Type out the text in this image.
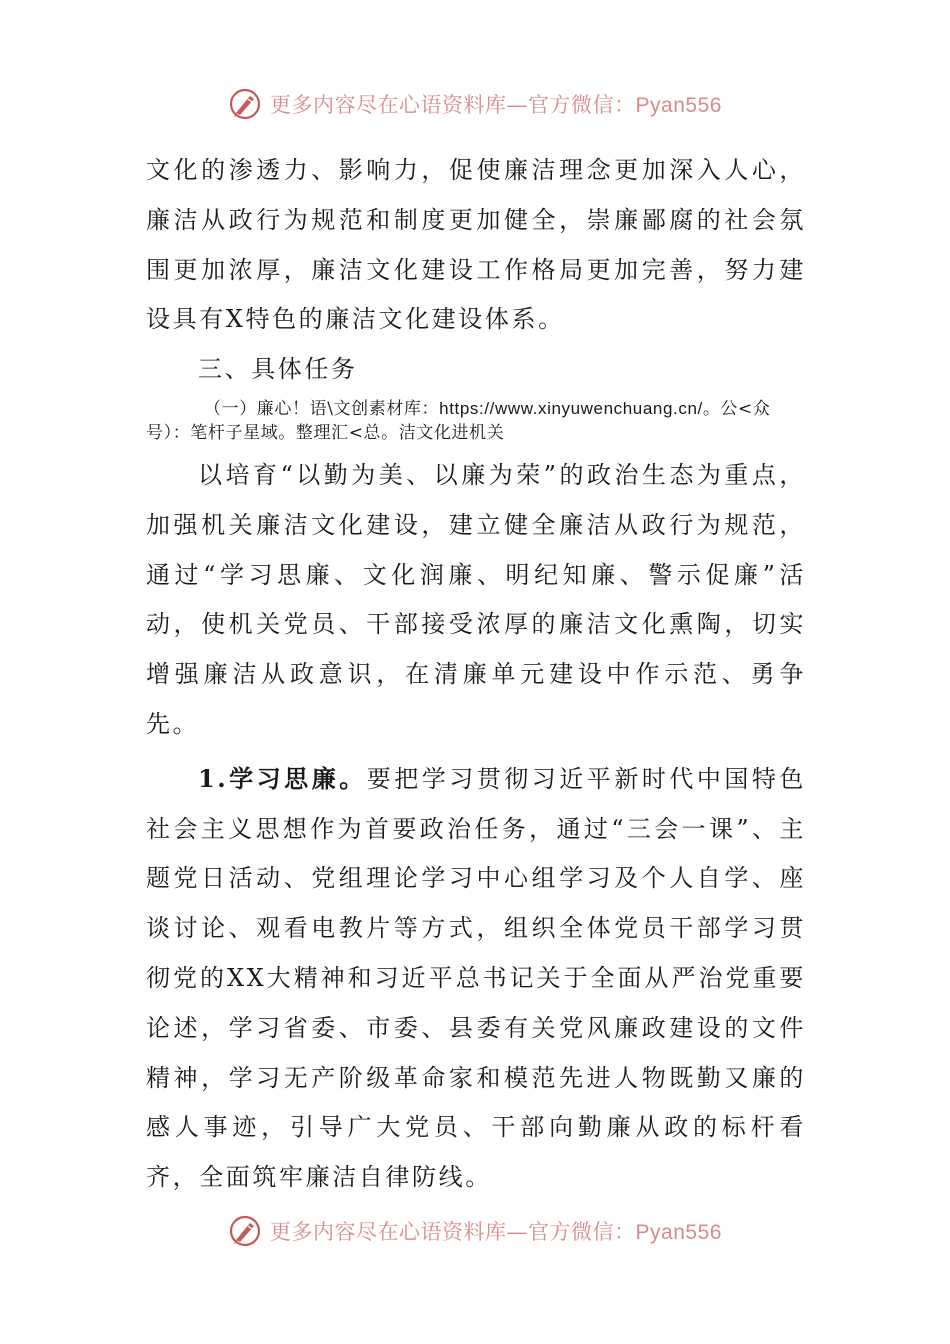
更多内容尽在心语资料库—官方微信：Pyan556

文化的渗透力、影响力，促使廉洁理念更加深入人心，廉洁从政行为规范和制度更加健全，崇廉鄙腐的社会氛围更加浓厚，廉洁文化建设工作格局更加完善，努力建设具有X特色的廉洁文化建设体系。

三、具体任务

（一）廉心！语\文创素材库：https://www.xinyuwenchuang.cn/。公<众号）：笔杆子星域。整理汇<总。洁文化进机关

以培育“以勤为美、以廉为荣”的政治生态为重点，加强机关廉洁文化建设，建立健全廉洁从政行为规范，通过“学习思廉、文化润廉、明纪知廉、警示促廉”活动，使机关党员、干部接受浓厚的廉洁文化熏陶，切实增强廉洁从政意识，在清廉单元建设中作示范、勇争先。

1.学习思廉。要把学习贯彻习近平新时代中国特色社会主义思想作为首要政治任务，通过“三会一课”、主题党日活动、党组理论学习中心组学习及个人自学、座谈讨论、观看电教片等方式，组织全体党员干部学习贯彻党的XX大精神和习近平总书记关于全面从严治党重要论述，学习省委、市委、县委有关党风廉政建设的文件精神，学习无产阶级革命家和模范先进人物既勤又廉的感人事迹，引导广大党员、干部向勤廉从政的标杆看齐，全面筑牢廉洁自律防线。

更多内容尽在心语资料库—官方微信：Pyan556
